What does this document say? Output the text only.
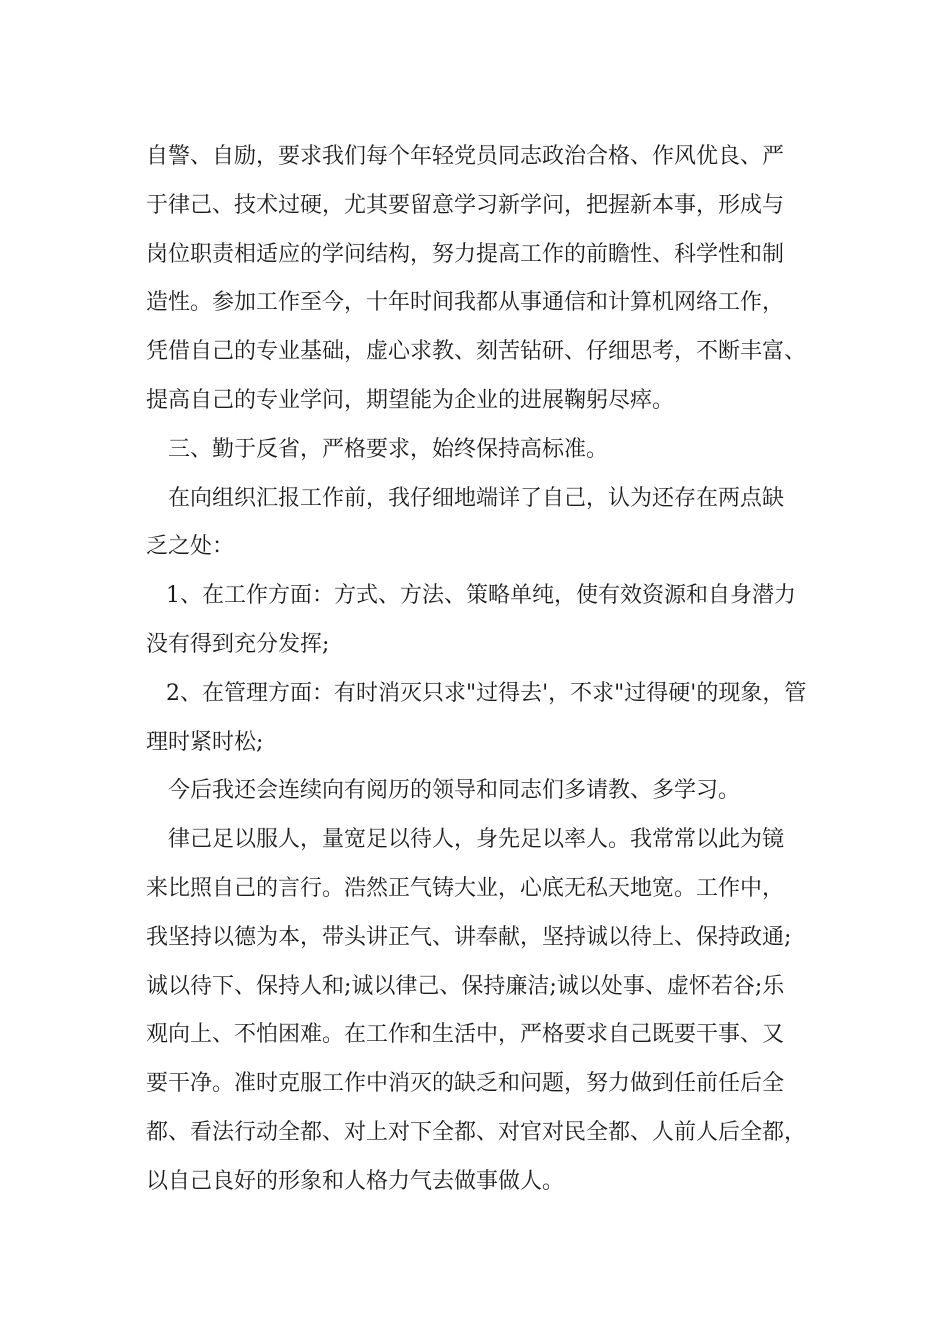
自警、自励，要求我们每个年轻党员同志政治合格、作风优良、严
于律己、技术过硬，尤其要留意学习新学问，把握新本事，形成与
岗位职责相适应的学问结构，努力提高工作的前瞻性、科学性和制
造性。参加工作至今，十年时间我都从事通信和计算机网络工作，
凭借自己的专业基础，虚心求教、刻苦钻研、仔细思考，不断丰富、
提高自己的专业学问，期望能为企业的进展鞠躬尽瘁。
三、勤于反省，严格要求，始终保持高标准。
在向组织汇报工作前，我仔细地端详了自己，认为还存在两点缺
乏之处：
1、在工作方面：方式、方法、策略单纯，使有效资源和自身潜力
没有得到充分发挥;
2、在管理方面：有时消灭只求"过得去'，不求"过得硬'的现象，管
理时紧时松;
今后我还会连续向有阅历的领导和同志们多请教、多学习。
律己足以服人，量宽足以待人，身先足以率人。我常常以此为镜
来比照自己的言行。浩然正气铸大业，心底无私天地宽。工作中，
我坚持以德为本，带头讲正气、讲奉献，坚持诚以待上、保持政通;
诚以待下、保持人和;诚以律己、保持廉洁;诚以处事、虚怀若谷;乐
观向上、不怕困难。在工作和生活中，严格要求自己既要干事、又
要干净。准时克服工作中消灭的缺乏和问题，努力做到任前任后全
都、看法行动全都、对上对下全都、对官对民全都、人前人后全都，
以自己良好的形象和人格力气去做事做人。
